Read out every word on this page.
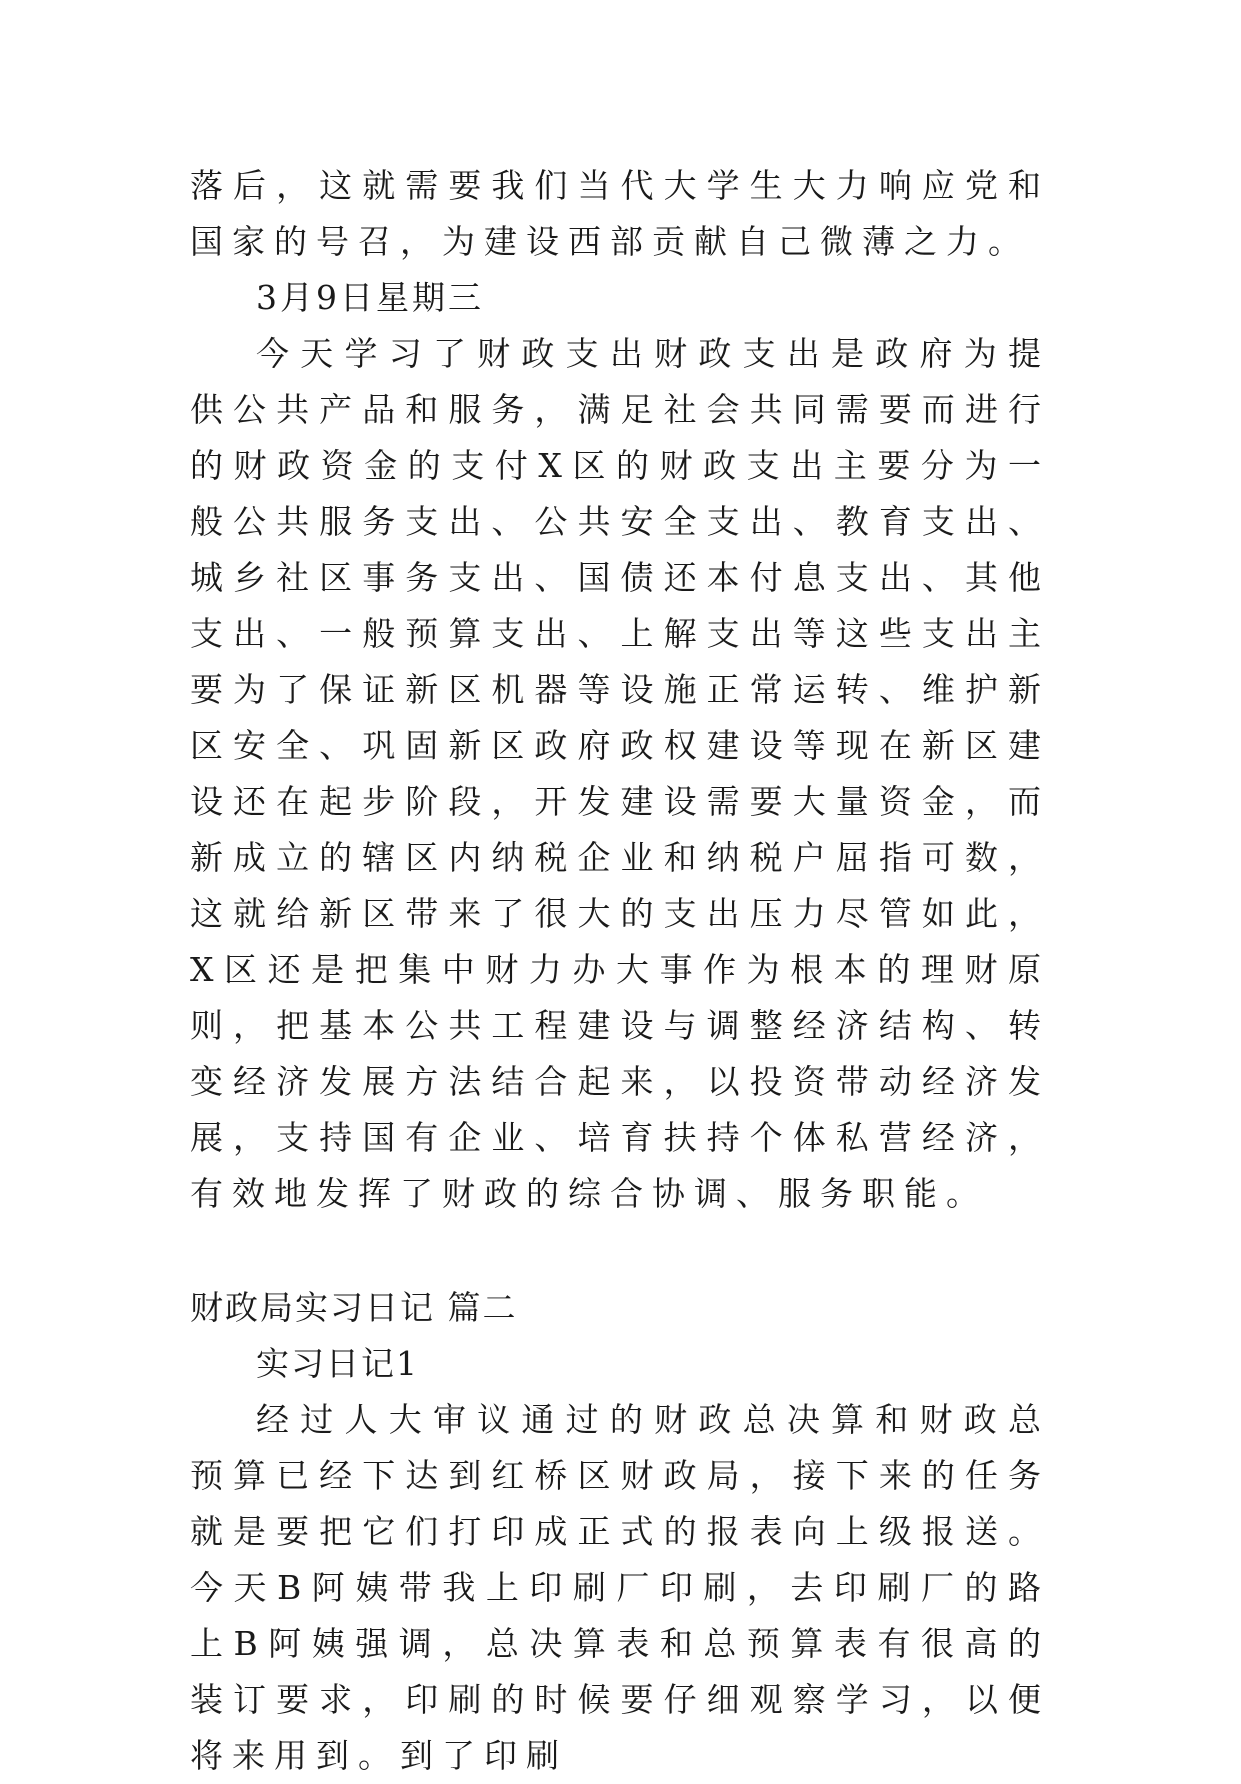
落后，这就需要我们当代大学生大力响应党和国家的号召，为建设西部贡献自己微薄之力。

3月9日星期三

今天学习了财政支出财政支出是政府为提供公共产品和服务，满足社会共同需要而进行的财政资金的支付X区的财政支出主要分为一般公共服务支出、公共安全支出、教育支出、城乡社区事务支出、国债还本付息支出、其他支出、一般预算支出、上解支出等这些支出主要为了保证新区机器等设施正常运转、维护新区安全、巩固新区政府政权建设等现在新区建设还在起步阶段，开发建设需要大量资金，而新成立的辖区内纳税企业和纳税户屈指可数，这就给新区带来了很大的支出压力尽管如此，X区还是把集中财力办大事作为根本的理财原则，把基本公共工程建设与调整经济结构、转变经济发展方法结合起来，以投资带动经济发展，支持国有企业、培育扶持个体私营经济，有效地发挥了财政的综合协调、服务职能。

财政局实习日记 篇二

实习日记1

经过人大审议通过的财政总决算和财政总预算已经下达到红桥区财政局，接下来的任务就是要把它们打印成正式的报表向上级报送。今天B阿姨带我上印刷厂印刷，去印刷厂的路上B阿姨强调，总决算表和总预算表有很高的装订要求，印刷的时候要仔细观察学习，以便将来用到。到了印刷
